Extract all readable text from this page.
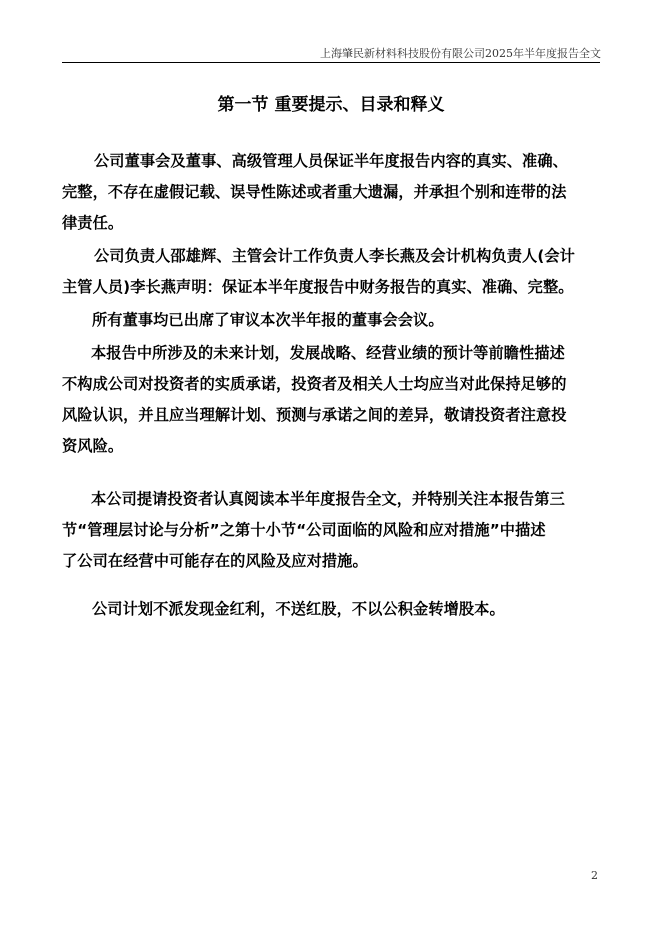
上海肇民新材料科技股份有限公司2025年半年度报告全文
第一节 重要提示、目录和释义

公司董事会及董事、高级管理人员保证半年度报告内容的真实、准确、
完整，不存在虚假记载、误导性陈述或者重大遗漏，并承担个别和连带的法
律责任。

公司负责人邵雄辉、主管会计工作负责人李长燕及会计机构负责人(会计
主管人员)李长燕声明：保证本半年度报告中财务报告的真实、准确、完整。

所有董事均已出席了审议本次半年报的董事会会议。

本报告中所涉及的未来计划，发展战略、经营业绩的预计等前瞻性描述
不构成公司对投资者的实质承诺，投资者及相关人士均应当对此保持足够的
风险认识，并且应当理解计划、预测与承诺之间的差异，敬请投资者注意投
资风险。

本公司提请投资者认真阅读本半年度报告全文，并特别关注本报告第三
节“管理层讨论与分析”之第十小节“公司面临的风险和应对措施”中描述
了公司在经营中可能存在的风险及应对措施。

公司计划不派发现金红利，不送红股，不以公积金转增股本。

2
